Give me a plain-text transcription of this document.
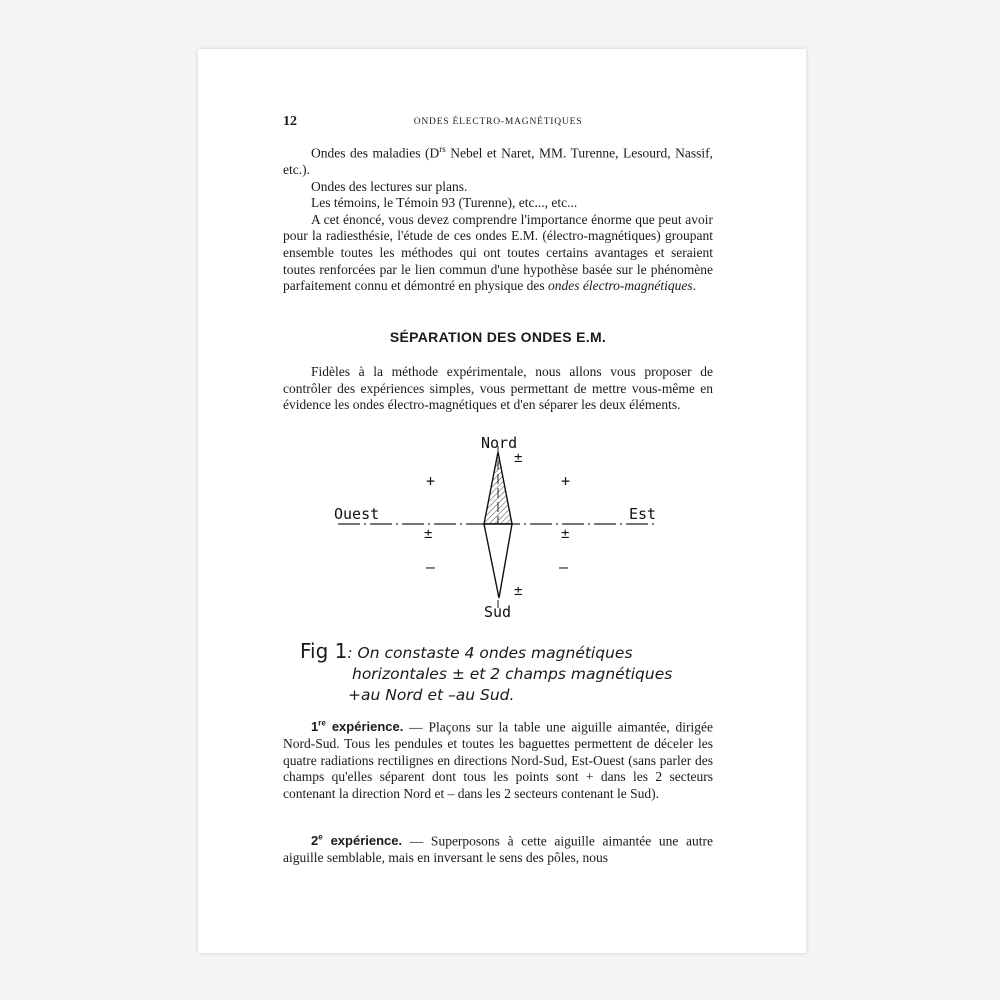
12	ONDES ÉLECTRO-MAGNÉTIQUES

Ondes des maladies ($D^{rs}$ Nebel et Naret, MM. Turenne, Lesourd, Nassif, etc.).

Ondes des lectures sur plans.

Les témoins, le Témoin 93 (Turenne), etc..., etc...

A cet énoncé, vous devez comprendre l'importance énorme que peut avoir pour la radiesthésie, l'étude de ces ondes E.M. (électro-magnétiques) groupant ensemble toutes les méthodes qui ont toutes certains avantages et seraient toutes renforcées par le lien commun d'une hypothèse basée sur le phénomène parfaitement connu et démontré en physique des ondes électro-magnétiques.

SÉPARATION DES ONDES E.M.

Fidèles à la méthode expérimentale, nous allons vous proposer de contrôler des expériences simples, vous permettant de mettre vous-même en évidence les ondes électro-magnétiques et d'en séparer les deux éléments.

Nord
Sud
Ouest	Est
±
±	±
±
+	+
–	–
Fig 1: On constaste 4 ondes magnétiques
horizontales ± et 2 champs magnétiques
+au Nord et –au Sud.

1re expérience. — Plaçons sur la table une aiguille aimantée, dirigée Nord-Sud. Tous les pendules et toutes les baguettes permettent de déceler les quatre radiations rectilignes en directions Nord-Sud, Est-Ouest (sans parler des champs qu'elles séparent dont tous les points sont + dans les 2 secteurs contenant la direction Nord et – dans les 2 secteurs contenant le Sud).

2e expérience. — Superposons à cette aiguille aimantée une autre aiguille semblable, mais en inversant le sens des pôles, nous
